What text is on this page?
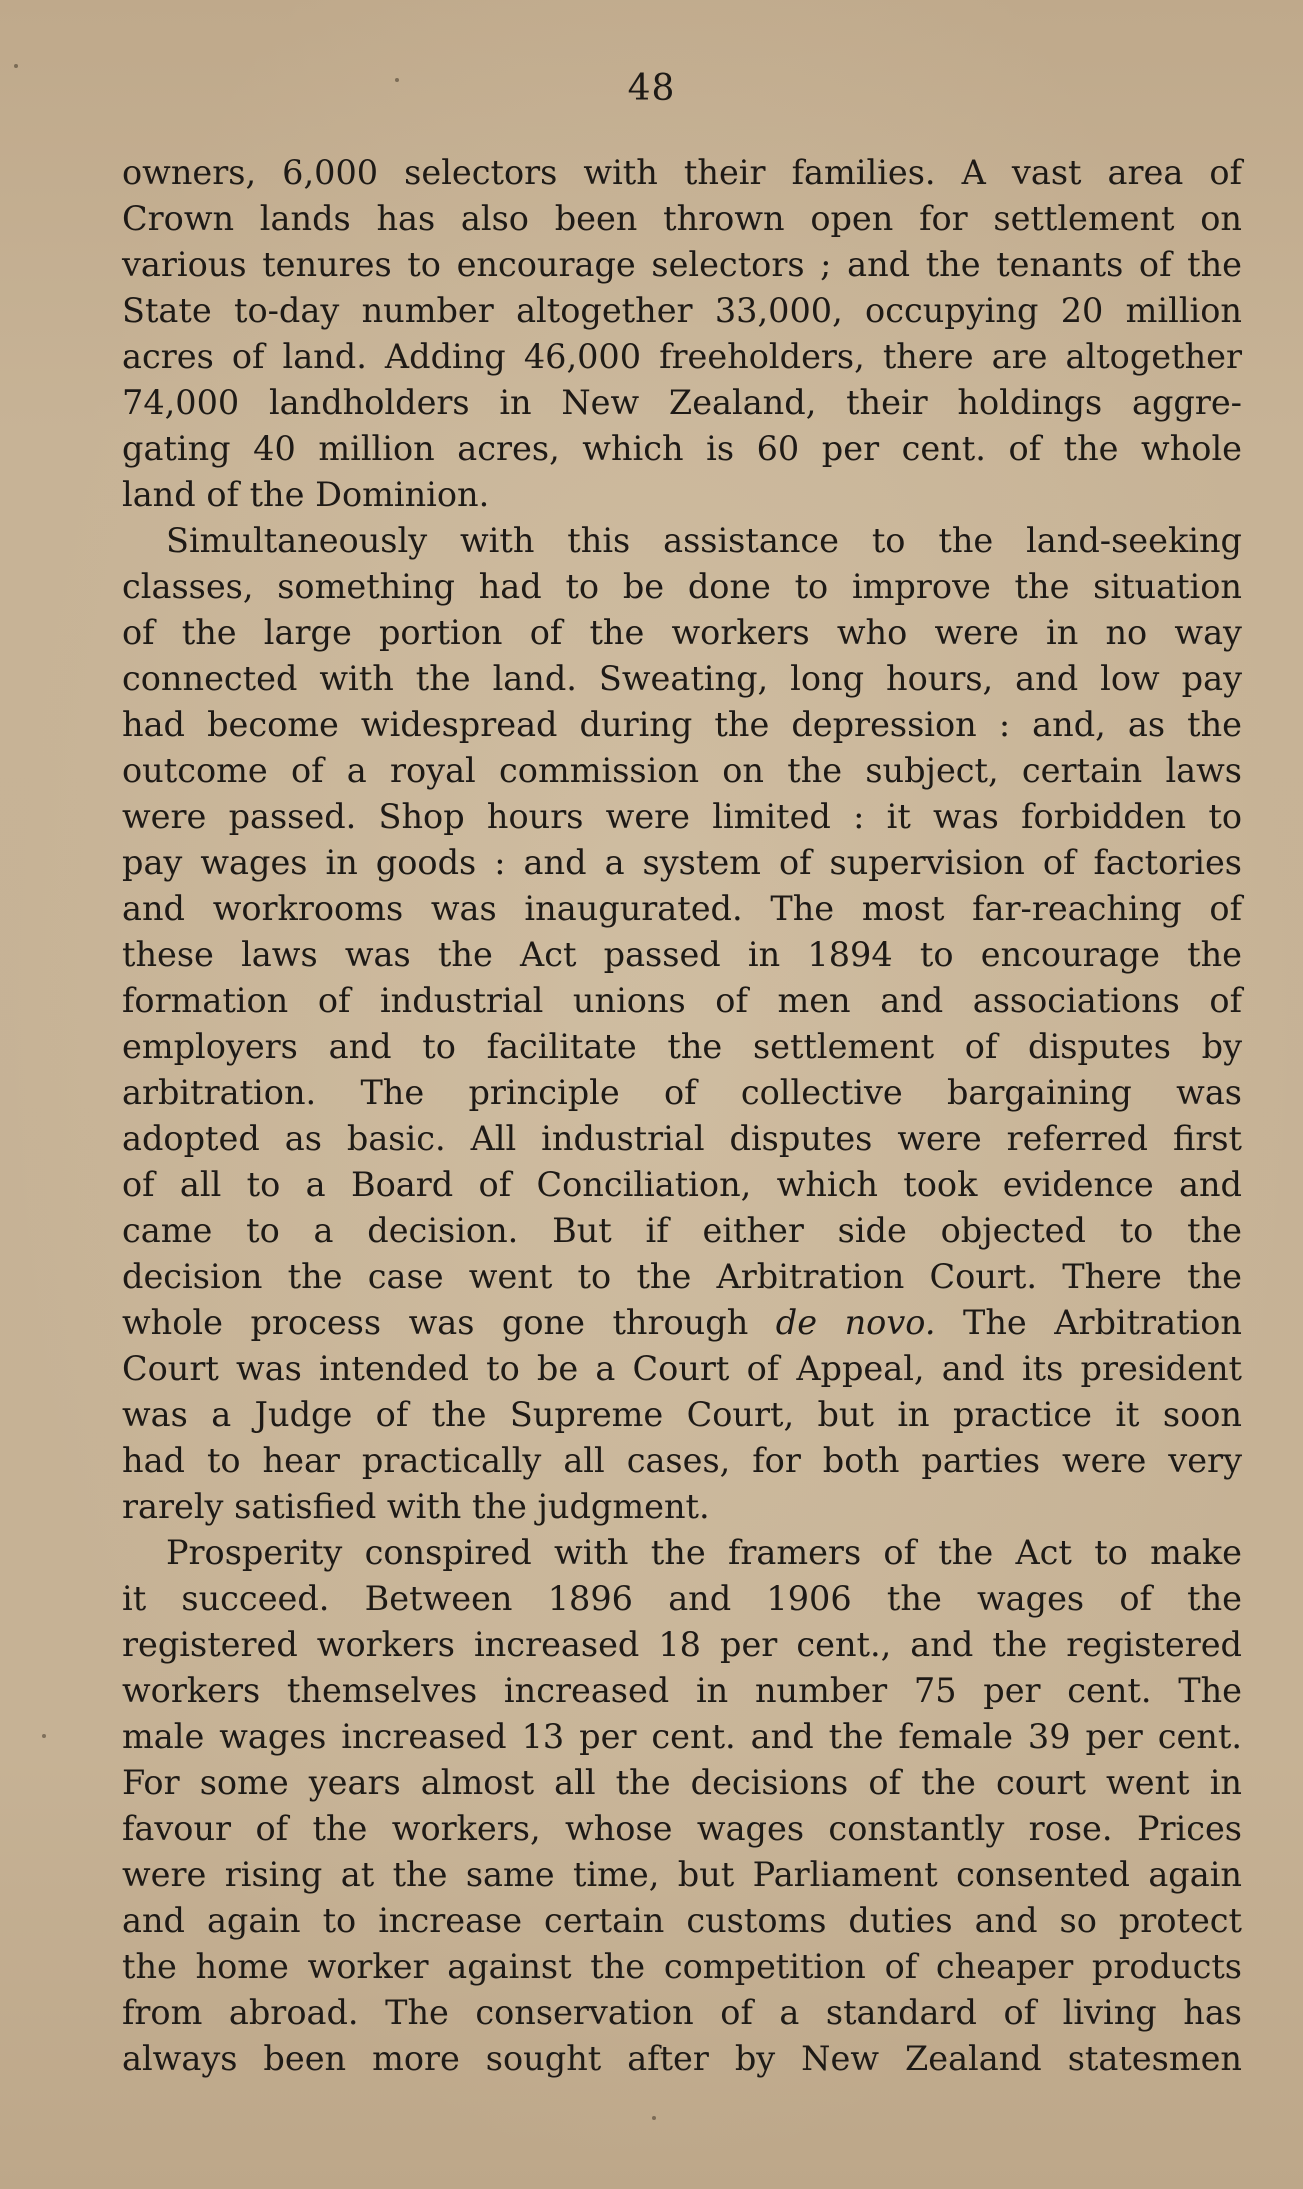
48
owners, 6,000 selectors with their families. A vast area of
Crown lands has also been thrown open for settlement on
various tenures to encourage selectors ; and the tenants of the
State to-day number altogether 33,000, occupying 20 million
acres of land. Adding 46,000 freeholders, there are altogether
74,000 landholders in New Zealand, their holdings aggre-
gating 40 million acres, which is 60 per cent. of the whole
land of the Dominion.
Simultaneously with this assistance to the land-seeking
classes, something had to be done to improve the situation
of the large portion of the workers who were in no way
connected with the land. Sweating, long hours, and low pay
had become widespread during the depression : and, as the
outcome of a royal commission on the subject, certain laws
were passed. Shop hours were limited : it was forbidden to
pay wages in goods : and a system of supervision of factories
and workrooms was inaugurated. The most far-reaching of
these laws was the Act passed in 1894 to encourage the
formation of industrial unions of men and associations of
employers and to facilitate the settlement of disputes by
arbitration. The principle of collective bargaining was
adopted as basic. All industrial disputes were referred first
of all to a Board of Conciliation, which took evidence and
came to a decision. But if either side objected to the
decision the case went to the Arbitration Court. There the
whole process was gone through de novo. The Arbitration
Court was intended to be a Court of Appeal, and its president
was a Judge of the Supreme Court, but in practice it soon
had to hear practically all cases, for both parties were very
rarely satisfied with the judgment.
Prosperity conspired with the framers of the Act to make
it succeed. Between 1896 and 1906 the wages of the
registered workers increased 18 per cent., and the registered
workers themselves increased in number 75 per cent. The
male wages increased 13 per cent. and the female 39 per cent.
For some years almost all the decisions of the court went in
favour of the workers, whose wages constantly rose. Prices
were rising at the same time, but Parliament consented again
and again to increase certain customs duties and so protect
the home worker against the competition of cheaper products
from abroad. The conservation of a standard of living has
always been more sought after by New Zealand statesmen
